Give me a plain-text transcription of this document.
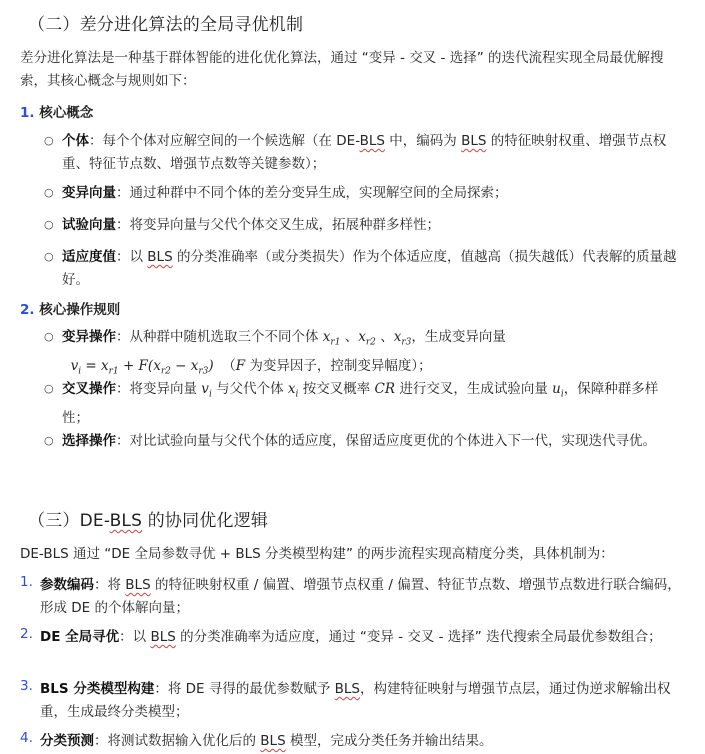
（二）差分进化算法的全局寻优机制
差分进化算法是一种基于群体智能的进化优化算法，通过 “变异 - 交叉 - 选择” 的迭代流程实现全局最优解搜索，其核心概念与规则如下：
1. 核心概念
○ 个体：每个个体对应解空间的一个候选解（在 DE-BLS 中，编码为 BLS 的特征映射权重、增强节点权重、特征节点数、增强节点数等关键参数）；
○ 变异向量：通过种群中不同个体的差分变异生成，实现解空间的全局探索；
○ 试验向量：将变异向量与父代个体交叉生成，拓展种群多样性；
○ 适应度值：以 BLS 的分类准确率（或分类损失）作为个体适应度，值越高（损失越低）代表解的质量越好。
2. 核心操作规则
○ 变异操作：从种群中随机选取三个不同个体 $x_{r1}$ 、$x_{r2}$ 、$x_{r3}$，生成变异向量
$v_i = x_{r1} + F(x_{r2} - x_{r3})$ （F 为变异因子，控制变异幅度）；
○ 交叉操作：将变异向量 $v_i$ 与父代个体 $x_i$ 按交叉概率 CR 进行交叉，生成试验向量 $u_i$，保障种群多样性；
○ 选择操作：对比试验向量与父代个体的适应度，保留适应度更优的个体进入下一代，实现迭代寻优。
（三）DE-BLS 的协同优化逻辑
DE-BLS 通过 “DE 全局参数寻优 + BLS 分类模型构建” 的两步流程实现高精度分类，具体机制为：
1. 参数编码：将 BLS 的特征映射权重 / 偏置、增强节点权重 / 偏置、特征节点数、增强节点数进行联合编码，形成 DE 的个体解向量；
2. DE 全局寻优：以 BLS 的分类准确率为适应度，通过 “变异 - 交叉 - 选择” 迭代搜索全局最优参数组合；
3. BLS 分类模型构建：将 DE 寻得的最优参数赋予 BLS，构建特征映射与增强节点层，通过伪逆求解输出权重，生成最终分类模型；
4. 分类预测：将测试数据输入优化后的 BLS 模型，完成分类任务并输出结果。
